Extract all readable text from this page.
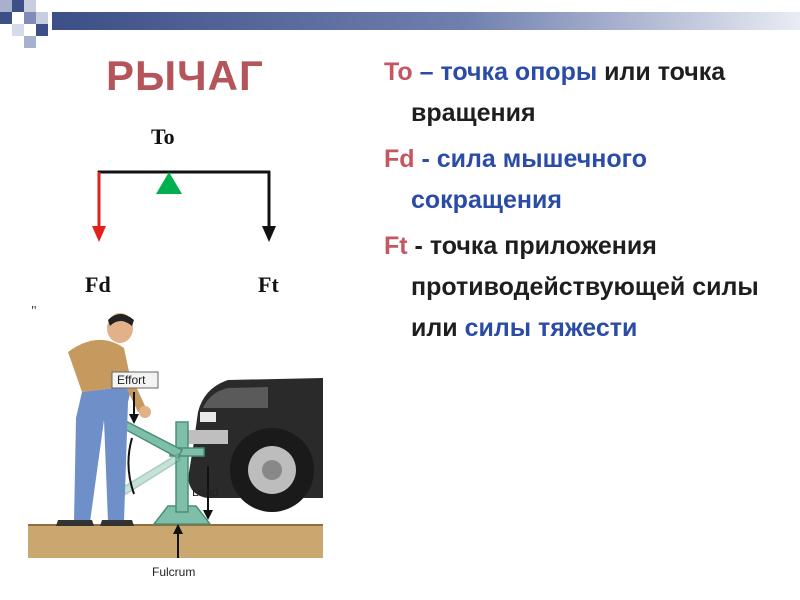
РЫЧАГ
To
Fd	Ft
"
Effort
Load
Fulcrum
To – точка опоры или точка вращения
Fd - сила мышечного сокращения
Ft - точка приложения противодействующей силы или силы тяжести
